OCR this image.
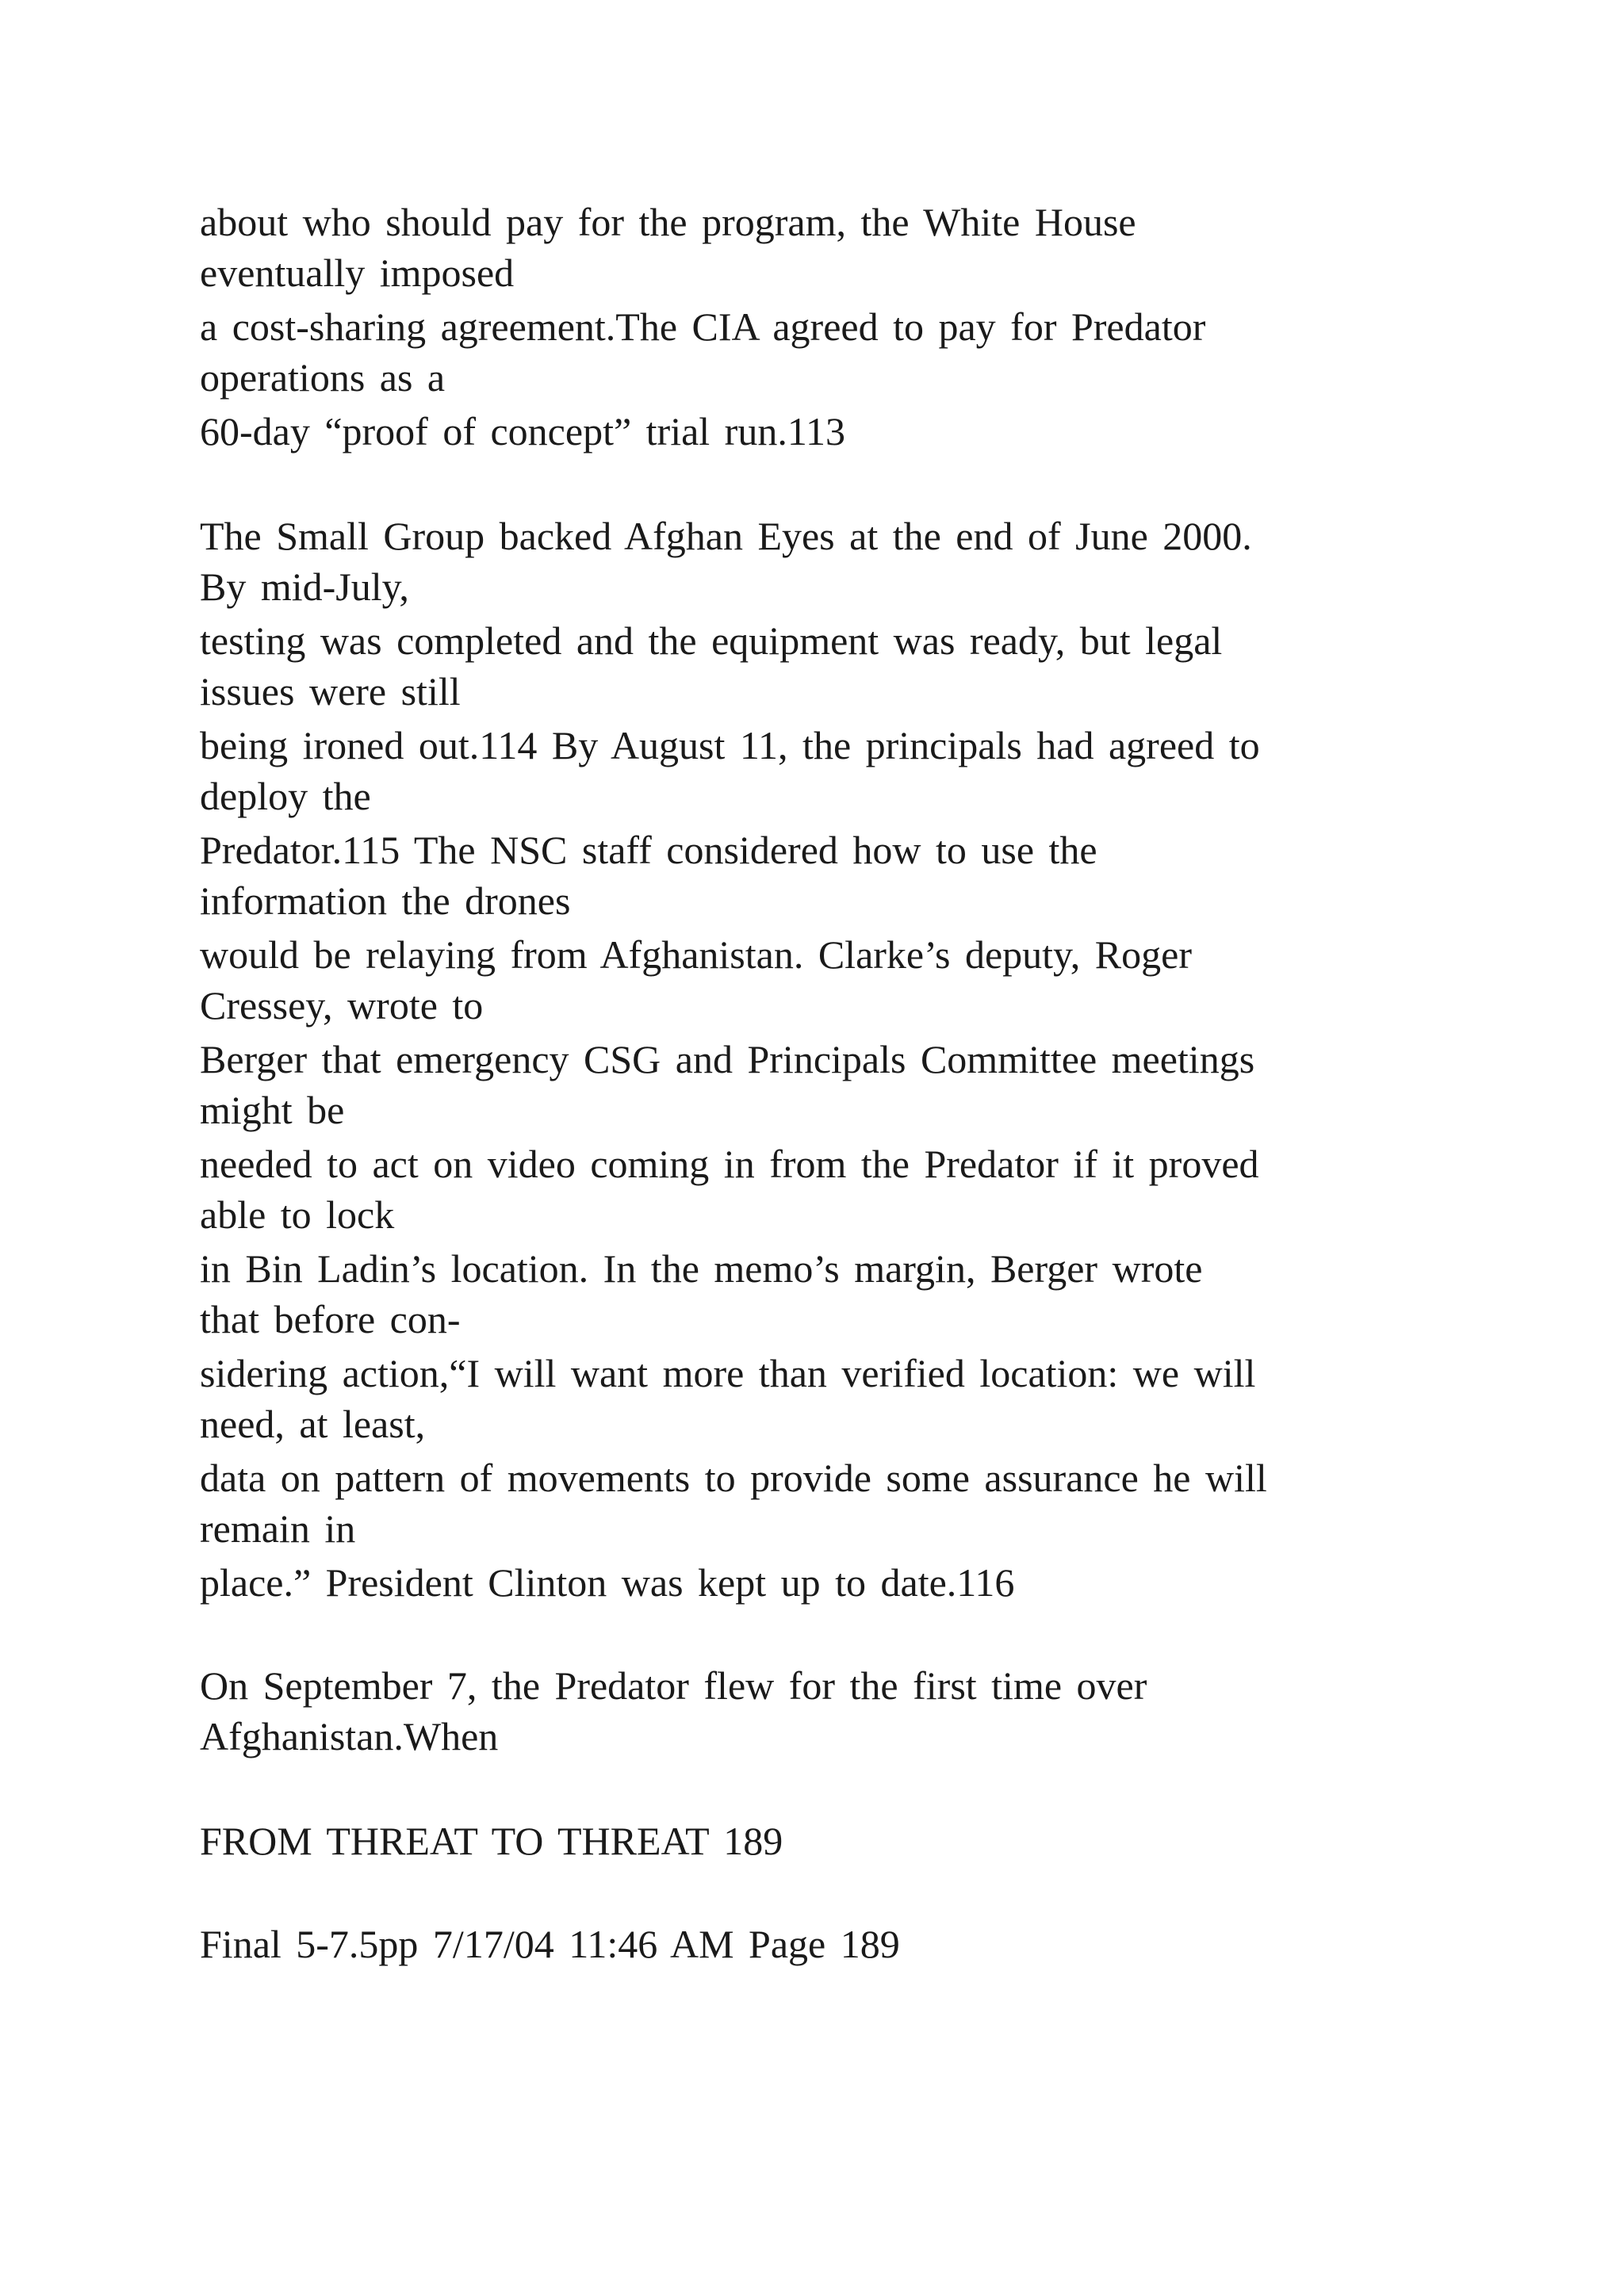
about who should pay for the program, the White House

eventually imposed

a cost-sharing agreement.The CIA agreed to pay for Predator

operations as a

60-day “proof of concept” trial run.113

The Small Group backed Afghan Eyes at the end of June 2000.

By mid-July,

testing was completed and the equipment was ready, but legal

issues were still

being ironed out.114 By August 11, the principals had agreed to

deploy the

Predator.115 The NSC staff considered how to use the

information the drones

would be relaying from Afghanistan. Clarke’s deputy, Roger

Cressey, wrote to

Berger that emergency CSG and Principals Committee meetings

might be

needed to act on video coming in from the Predator if it proved

able to lock

in Bin Ladin’s location. In the memo’s margin, Berger wrote

that before con-

sidering action,“I will want more than verified location: we will

need, at least,

data on pattern of movements to provide some assurance he will

remain in

place.” President Clinton was kept up to date.116

On September 7, the Predator flew for the first time over

Afghanistan.When

FROM THREAT TO THREAT 189

Final 5-7.5pp 7/17/04 11:46 AM Page 189
